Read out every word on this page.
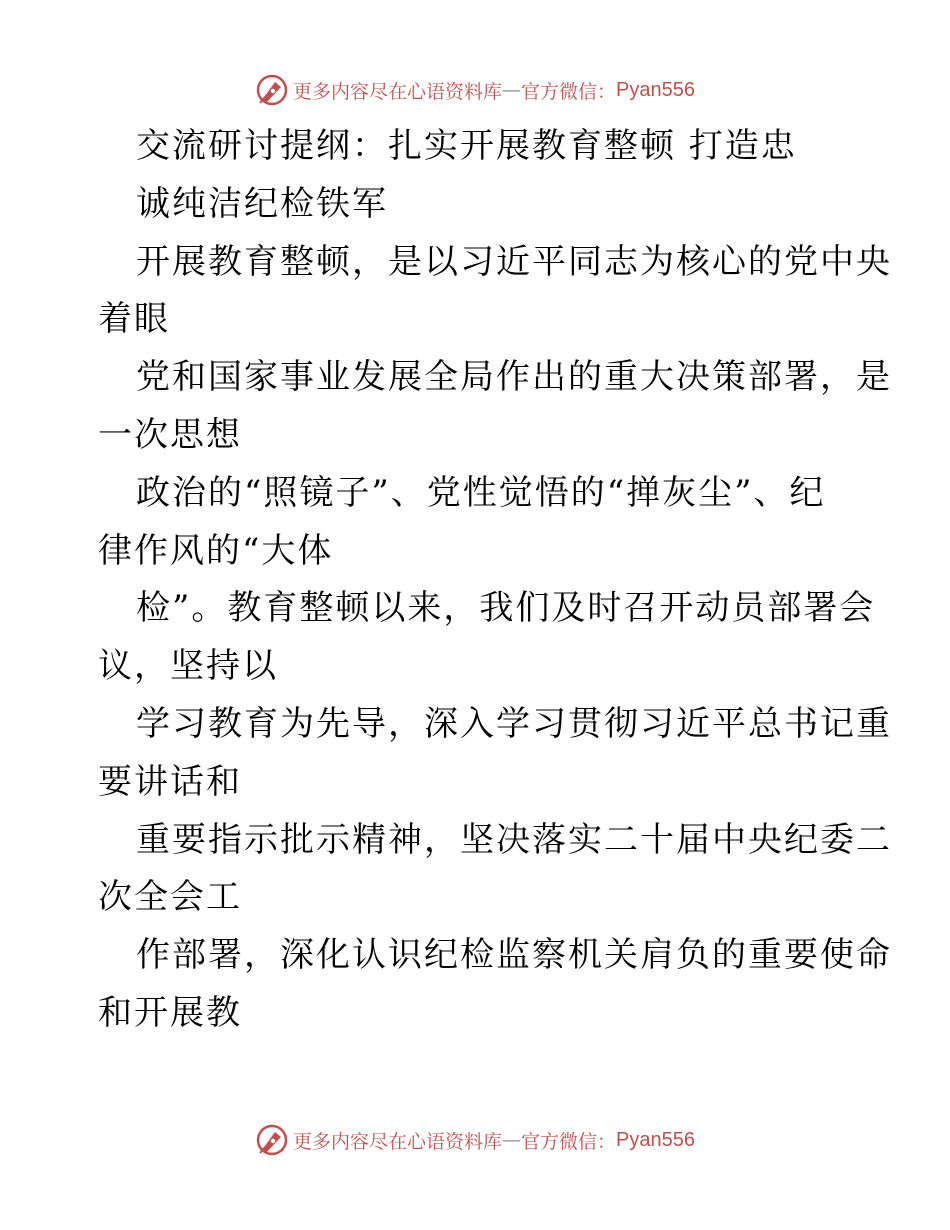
更多内容尽在心语资料库 — 官方微信： Pyan556
交流研讨提纲：扎实开展教育整顿 打造忠
诚纯洁纪检铁军
开展教育整顿，是以习近平同志为核心的党中央
着眼
党和国家事业发展全局作出的重大决策部署，是
一次思想
政治的“照镜子”、党性觉悟的“掸灰尘”、纪
律作风的“大体
检”。教育整顿以来，我们及时召开动员部署会
议，坚持以
学习教育为先导，深入学习贯彻习近平总书记重
要讲话和
重要指示批示精神，坚决落实二十届中央纪委二
次全会工
作部署，深化认识纪检监察机关肩负的重要使命
和开展教
更多内容尽在心语资料库 — 官方微信： Pyan556
